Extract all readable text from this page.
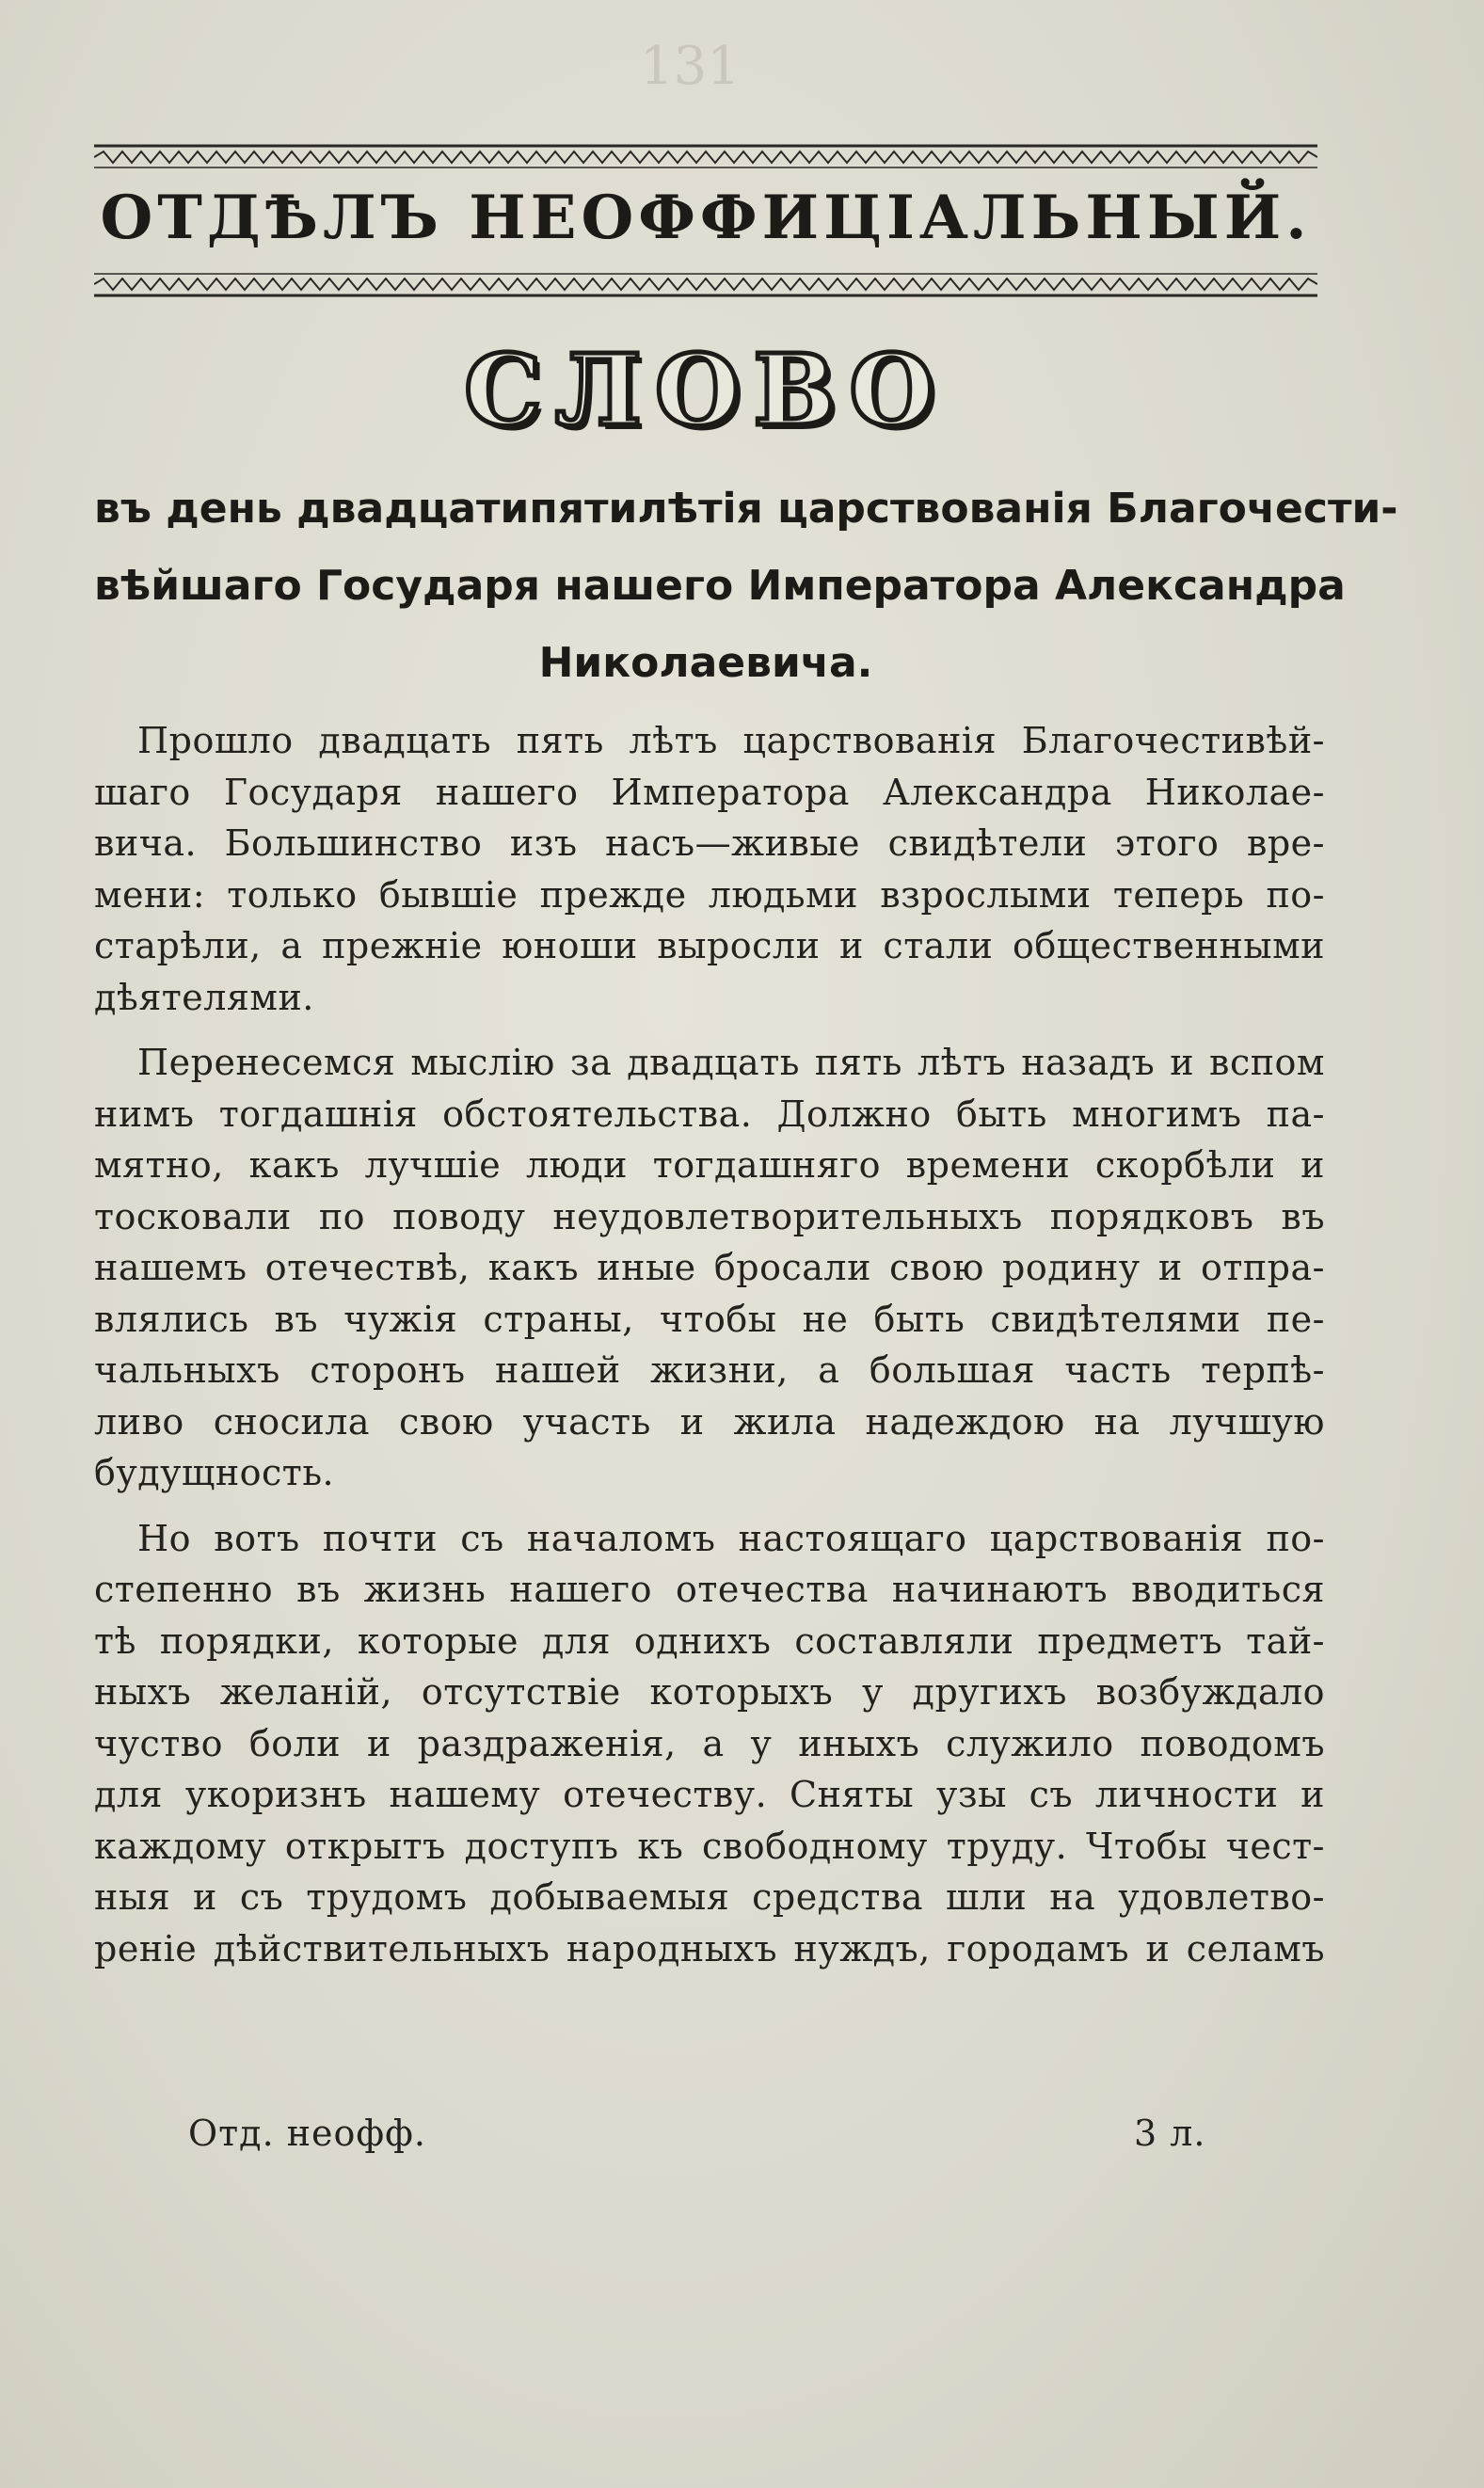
131
ОТДѢЛЪ НЕОФФИЦІАЛЬНЫЙ.
СЛОВО
въ день двадцатипятилѣтія царствованія Благочести-
вѣйшаго Государя нашего Императора Александра
Николаевича.
Прошло двадцать пять лѣтъ царствованія Благочестивѣй-
шаго Государя нашего Императора Александра Николае-
вича. Большинство изъ насъ—живые свидѣтели этого вре-
мени: только бывшіе прежде людьми взрослыми теперь по-
старѣли, а прежніе юноши выросли и стали общественными
дѣятелями.
Перенесемся мыслію за двадцать пять лѣтъ назадъ и вспом
нимъ тогдашнія обстоятельства. Должно быть многимъ па-
мятно, какъ лучшіе люди тогдашняго времени скорбѣли и
тосковали по поводу неудовлетворительныхъ порядковъ въ
нашемъ отечествѣ, какъ иные бросали свою родину и отпра-
влялись въ чужія страны, чтобы не быть свидѣтелями пе-
чальныхъ сторонъ нашей жизни, а большая часть терпѣ-
ливо сносила свою участь и жила надеждою на лучшую
будущность.
Но вотъ почти съ началомъ настоящаго царствованія по-
степенно въ жизнь нашего отечества начинаютъ вводиться
тѣ порядки, которые для однихъ составляли предметъ тай-
ныхъ желаній, отсутствіе которыхъ у другихъ возбуждало
чуство боли и раздраженія, а у иныхъ служило поводомъ
для укоризнъ нашему отечеству. Сняты узы съ личности и
каждому открытъ доступъ къ свободному труду. Чтобы чест-
ныя и съ трудомъ добываемыя средства шли на удовлетво-
реніе дѣйствительныхъ народныхъ нуждъ, городамъ и селамъ
Отд. неофф.	3 л.
